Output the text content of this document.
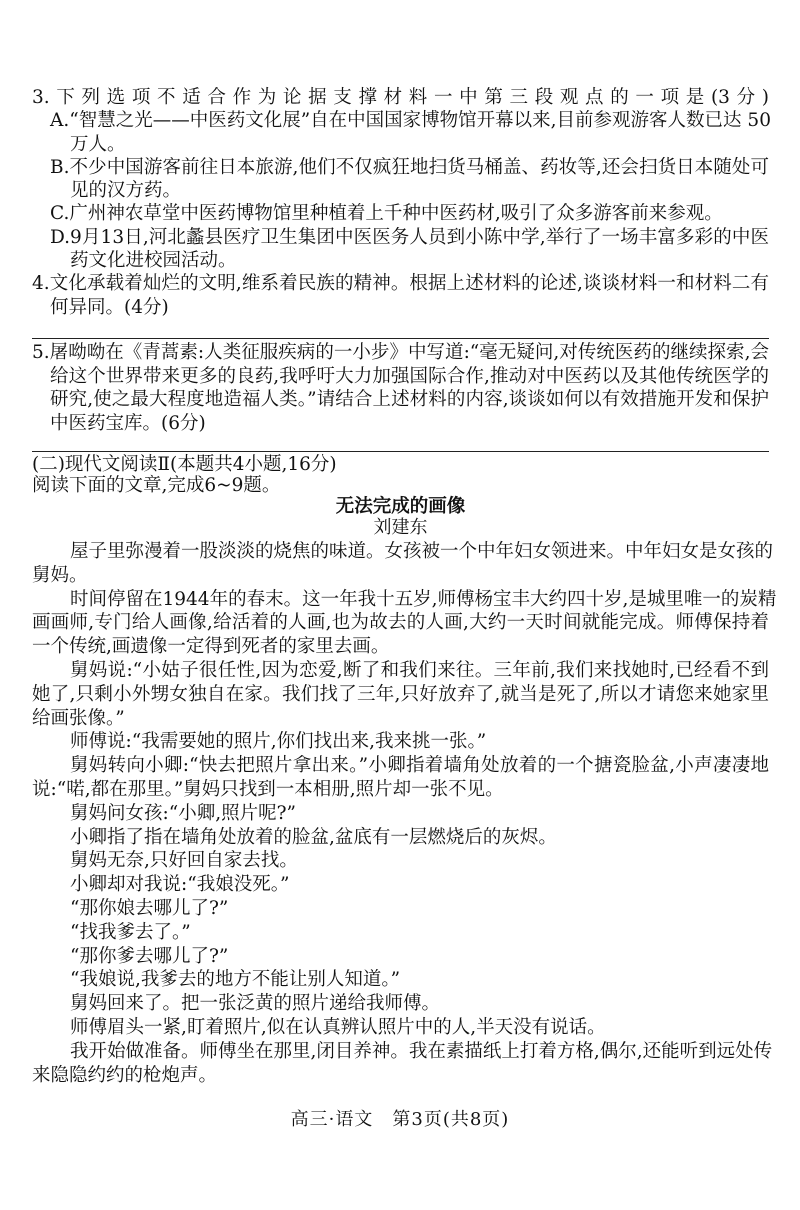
3.下列选项不适合作为论据支撑材料一中第三段观点的一项是(3分)
A.“智慧之光——中医药文化展”自在中国国家博物馆开幕以来,目前参观游客人数已达 50
万人。
B.不少中国游客前往日本旅游,他们不仅疯狂地扫货马桶盖、药妆等,还会扫货日本随处可
见的汉方药。
C.广州神农草堂中医药博物馆里种植着上千种中医药材,吸引了众多游客前来参观。
D.9月13日,河北蠡县医疗卫生集团中医医务人员到小陈中学,举行了一场丰富多彩的中医
药文化进校园活动。
4.文化承载着灿烂的文明,维系着民族的精神。根据上述材料的论述,谈谈材料一和材料二有
何异同。(4分)
5.屠呦呦在《青蒿素:人类征服疾病的一小步》中写道:“毫无疑问,对传统医药的继续探索,会
给这个世界带来更多的良药,我呼吁大力加强国际合作,推动对中医药以及其他传统医学的
研究,使之最大程度地造福人类。”请结合上述材料的内容,谈谈如何以有效措施开发和保护
中医药宝库。(6分)
(二)现代文阅读Ⅱ(本题共4小题,16分)
阅读下面的文章,完成6~9题。
无法完成的画像
刘建东
屋子里弥漫着一股淡淡的烧焦的味道。女孩被一个中年妇女领进来。中年妇女是女孩的
舅妈。
时间停留在1944年的春末。这一年我十五岁,师傅杨宝丰大约四十岁,是城里唯一的炭精
画画师,专门给人画像,给活着的人画,也为故去的人画,大约一天时间就能完成。师傅保持着
一个传统,画遗像一定得到死者的家里去画。
舅妈说:“小姑子很任性,因为恋爱,断了和我们来往。三年前,我们来找她时,已经看不到
她了,只剩小外甥女独自在家。我们找了三年,只好放弃了,就当是死了,所以才请您来她家里
给画张像。”
师傅说:“我需要她的照片,你们找出来,我来挑一张。”
舅妈转向小卿:“快去把照片拿出来。”小卿指着墙角处放着的一个搪瓷脸盆,小声凄凄地
说:“喏,都在那里。”舅妈只找到一本相册,照片却一张不见。
舅妈问女孩:“小卿,照片呢?”
小卿指了指在墙角处放着的脸盆,盆底有一层燃烧后的灰烬。
舅妈无奈,只好回自家去找。
小卿却对我说:“我娘没死。”
“那你娘去哪儿了?”
“找我爹去了。”
“那你爹去哪儿了?”
“我娘说,我爹去的地方不能让别人知道。”
舅妈回来了。把一张泛黄的照片递给我师傅。
师傅眉头一紧,盯着照片,似在认真辨认照片中的人,半天没有说话。
我开始做准备。师傅坐在那里,闭目养神。我在素描纸上打着方格,偶尔,还能听到远处传
来隐隐约约的枪炮声。
高三·语文　第3页(共8页)
